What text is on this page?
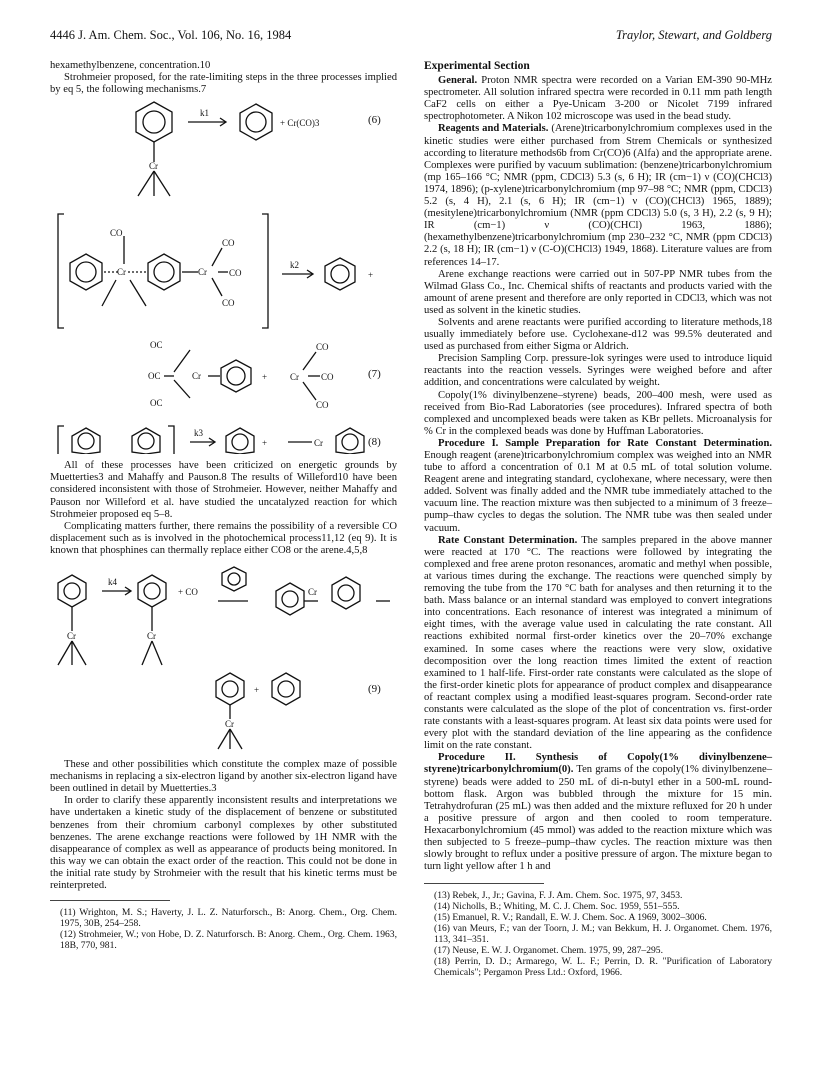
4446 J. Am. Chem. Soc., Vol. 106, No. 16, 1984	Traylor, Stewart, and Goldberg

hexamethylbenzene, concentration.10

Strohmeier proposed, for the rate-limiting steps in the three processes implied by eq 5, the following mechanisms.7

k1
+ Cr(CO)3
Cr
CO
Cr	Cr
CO
CO
CO
k2
+
OC
OC
OC
Cr	+	Cr
CO
CO
CO
k3
+	Cr
(6)
(7)
(8)

All of these processes have been criticized on energetic grounds by Muetterties3 and Mahaffy and Pauson.8 The results of Willeford10 have been considered inconsistent with those of Strohmeier. However, neither Mahaffy and Pauson nor Willeford et al. have studied the uncatalyzed reaction for which Strohmeier proposed eq 5–8.

Complicating matters further, there remains the possibility of a reversible CO displacement such as is involved in the photochemical process11,12 (eq 9). It is known that phosphines can thermally replace either CO8 or the arene.4,5,8

k4
Cr	Cr
+ CO	Cr
+
Cr
(9)

These and other possibilities which constitute the complex maze of possible mechanisms in replacing a six-electron ligand by another six-electron ligand have been outlined in detail by Muetterties.3

In order to clarify these apparently inconsistent results and interpretations we have undertaken a kinetic study of the displacement of benzene or substituted benzenes from their chromium carbonyl complexes by other substituted benzenes. The arene exchange reactions were followed by 1H NMR with the disappearance of complex as well as appearance of products being monitored. In this way we can obtain the exact order of the reaction. This could not be done in the initial rate study by Strohmeier with the result that his kinetic terms must be reinterpreted.

(11) Wrighton, M. S.; Haverty, J. L. Z. Naturforsch., B: Anorg. Chem., Org. Chem. 1975, 30B, 254–258.

(12) Strohmeier, W.; von Hobe, D. Z. Naturforsch. B: Anorg. Chem., Org. Chem. 1963, 18B, 770, 981.

Experimental Section

General. Proton NMR spectra were recorded on a Varian EM-390 90-MHz spectrometer. All solution infrared spectra were recorded in 0.11 mm path length CaF2 cells on either a Pye-Unicam 3-200 or Nicolet 7199 infrared spectrophotometer. A Nikon 102 microscope was used in the bead study.

Reagents and Materials. (Arene)tricarbonylchromium complexes used in the kinetic studies were either purchased from Strem Chemicals or synthesized according to literature methods6b from Cr(CO)6 (Alfa) and the appropriate arene. Complexes were purified by vacuum sublimation: (benzene)tricarbonylchromium (mp 165–166 °C; NMR (ppm, CDCl3) 5.3 (s, 6 H); IR (cm−1) ν (CO)(CHCl3) 1974, 1896); (p-xylene)tricarbonylchromium (mp 97–98 °C; NMR (ppm, CDCl3) 5.2 (s, 4 H), 2.1 (s, 6 H); IR (cm−1) ν (CO)(CHCl3) 1965, 1889); (mesitylene)tricarbonylchromium (NMR (ppm CDCl3) 5.0 (s, 3 H), 2.2 (s, 9 H); IR (cm−1) ν (CO)(CHCl) 1963, 1886); (hexamethylbenzene)tricarbonylchromium (mp 230–232 °C, NMR (ppm CDCl3) 2.2 (s, 18 H); IR (cm−1) ν (C-O)(CHCl3) 1949, 1868). Literature values are from references 14–17.

Arene exchange reactions were carried out in 507-PP NMR tubes from the Wilmad Glass Co., Inc. Chemical shifts of reactants and products varied with the amount of arene present and therefore are only reported in CDCl3, which was not used as solvent in the kinetic studies.

Solvents and arene reactants were purified according to literature methods,18 usually immediately before use. Cyclohexane-d12 was 99.5% deuterated and used as purchased from either Sigma or Aldrich.

Precision Sampling Corp. pressure-lok syringes were used to introduce liquid reactants into the reaction vessels. Syringes were weighed before and after addition, and concentrations were calculated by weight.

Copoly(1% divinylbenzene–styrene) beads, 200–400 mesh, were used as received from Bio-Rad Laboratories (see procedures). Infrared spectra of both complexed and uncomplexed beads were taken as KBr pellets. Microanalysis for % Cr in the complexed beads was done by Huffman Laboratories.

Procedure I. Sample Preparation for Rate Constant Determination. Enough reagent (arene)tricarbonylchromium complex was weighed into an NMR tube to afford a concentration of 0.1 M at 0.5 mL of total solution volume. Reagent arene and integrating standard, cyclohexane, where necessary, were then added. Solvent was finally added and the NMR tube immediately attached to the vacuum line. The reaction mixture was then subjected to a minimum of 3 freeze–pump–thaw cycles to degas the solution. The NMR tube was then sealed under vacuum.

Rate Constant Determination. The samples prepared in the above manner were reacted at 170 °C. The reactions were followed by integrating the complexed and free arene proton resonances, aromatic and methyl when possible, at various times during the exchange. The reactions were quenched simply by removing the tube from the 170 °C bath for analyses and then returning it to the bath. Mass balance or an internal standard was employed to convert integrations into concentrations. Each resonance of interest was integrated a minimum of eight times, with the average value used in calculating the rate constant. All reactions exhibited normal first-order kinetics over the 20–70% exchange examined. In some cases where the reactions were very slow, oxidative decomposition over the long reaction times limited the extent of reaction examined to 1 half-life. First-order rate constants were calculated as the slope of the first-order kinetic plots for appearance of product complex and disappearance of reactant complex using a modified least-squares program. Second-order rate constants were calculated as the slope of the plot of concentration vs. first-order rate constants with a least-squares program. At least six data points were used for every plot with the standard deviation of the line appearing as the confidence limit on the rate constant.

Procedure II. Synthesis of Copoly(1% divinylbenzene–styrene)tricarbonylchromium(0). Ten grams of the copoly(1% divinylbenzene–styrene) beads were added to 250 mL of di-n-butyl ether in a 500-mL round-bottom flask. Argon was bubbled through the mixture for 15 min. Tetrahydrofuran (25 mL) was then added and the mixture refluxed for 20 h under a positive pressure of argon and then cooled to room temperature. Hexacarbonylchromium (45 mmol) was added to the reaction mixture which was then subjected to 5 freeze–pump–thaw cycles. The reaction mixture was then slowly brought to reflux under a positive pressure of argon. The mixture began to turn light yellow after 1 h and

(13) Rebek, J., Jr.; Gavina, F. J. Am. Chem. Soc. 1975, 97, 3453.

(14) Nicholls, B.; Whiting, M. C. J. Chem. Soc. 1959, 551–555.

(15) Emanuel, R. V.; Randall, E. W. J. Chem. Soc. A 1969, 3002–3006.

(16) van Meurs, F.; van der Toorn, J. M.; van Bekkum, H. J. Organomet. Chem. 1976, 113, 341–351.

(17) Neuse, E. W. J. Organomet. Chem. 1975, 99, 287–295.

(18) Perrin, D. D.; Armarego, W. L. F.; Perrin, D. R. "Purification of Laboratory Chemicals"; Pergamon Press Ltd.: Oxford, 1966.
